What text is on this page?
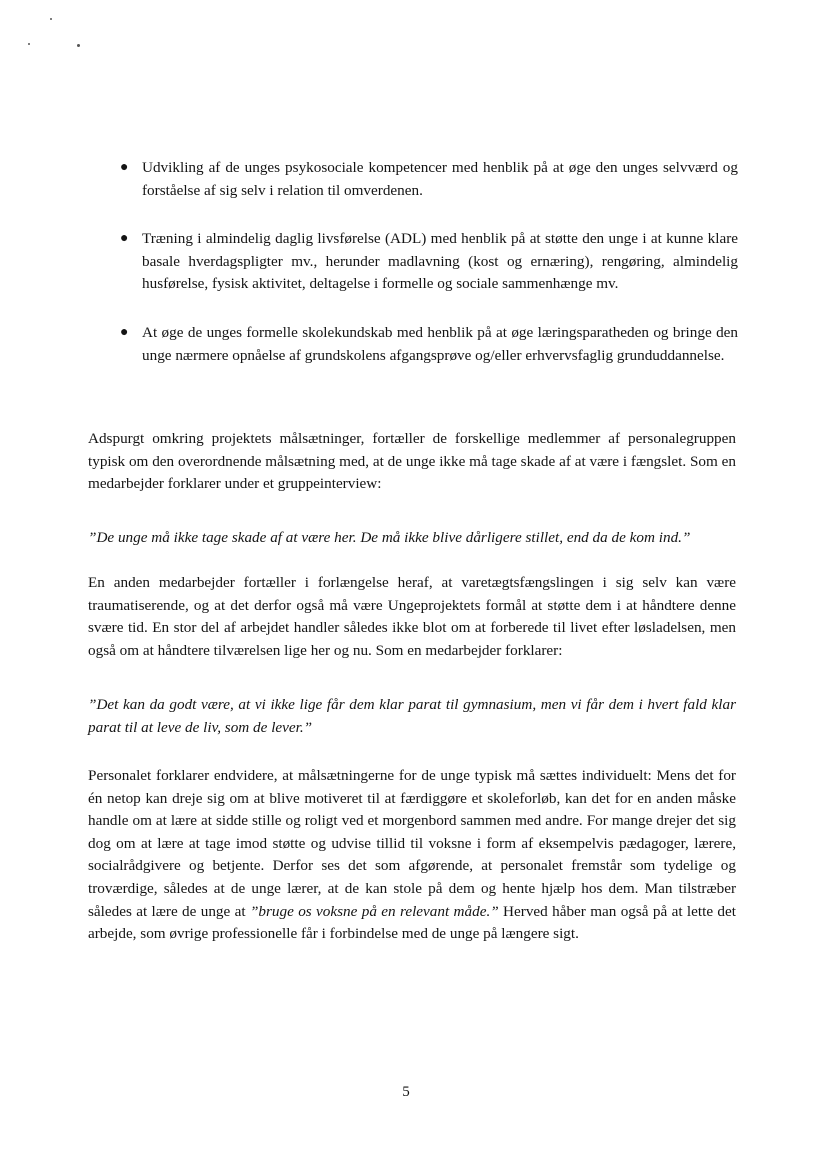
● Udvikling af de unges psykosociale kompetencer med henblik på at øge den unges selvværd og forståelse af sig selv i relation til omverdenen.
● Træning i almindelig daglig livsførelse (ADL) med henblik på at støtte den unge i at kunne klare basale hverdagspligter mv., herunder madlavning (kost og ernæring), rengøring, almindelig husførelse, fysisk aktivitet, deltagelse i formelle og sociale sammenhænge mv.
● At øge de unges formelle skolekundskab med henblik på at øge læringsparatheden og bringe den unge nærmere opnåelse af grundskolens afgangsprøve og/eller erhvervsfaglig grunduddannelse.

Adspurgt omkring projektets målsætninger, fortæller de forskellige medlemmer af personalegruppen typisk om den overordnende målsætning med, at de unge ikke må tage skade af at være i fængslet. Som en medarbejder forklarer under et gruppeinterview:

”De unge må ikke tage skade af at være her. De må ikke blive dårligere stillet, end da de kom ind.”

En anden medarbejder fortæller i forlængelse heraf, at varetægtsfængslingen i sig selv kan være traumatiserende, og at det derfor også må være Ungeprojektets formål at støtte dem i at håndtere denne svære tid. En stor del af arbejdet handler således ikke blot om at forberede til livet efter løsladelsen, men også om at håndtere tilværelsen lige her og nu. Som en medarbejder forklarer:

”Det kan da godt være, at vi ikke lige får dem klar parat til gymnasium, men vi får dem i hvert fald klar parat til at leve de liv, som de lever.”

Personalet forklarer endvidere, at målsætningerne for de unge typisk må sættes individuelt: Mens det for én netop kan dreje sig om at blive motiveret til at færdiggøre et skoleforløb, kan det for en anden måske handle om at lære at sidde stille og roligt ved et morgenbord sammen med andre. For mange drejer det sig dog om at lære at tage imod støtte og udvise tillid til voksne i form af eksempelvis pædagoger, lærere, socialrådgivere og betjente. Derfor ses det som afgørende, at personalet fremstår som tydelige og troværdige, således at de unge lærer, at de kan stole på dem og hente hjælp hos dem. Man tilstræber således at lære de unge at ”bruge os voksne på en relevant måde.” Herved håber man også på at lette det arbejde, som øvrige professionelle får i forbindelse med de unge på længere sigt.

5
